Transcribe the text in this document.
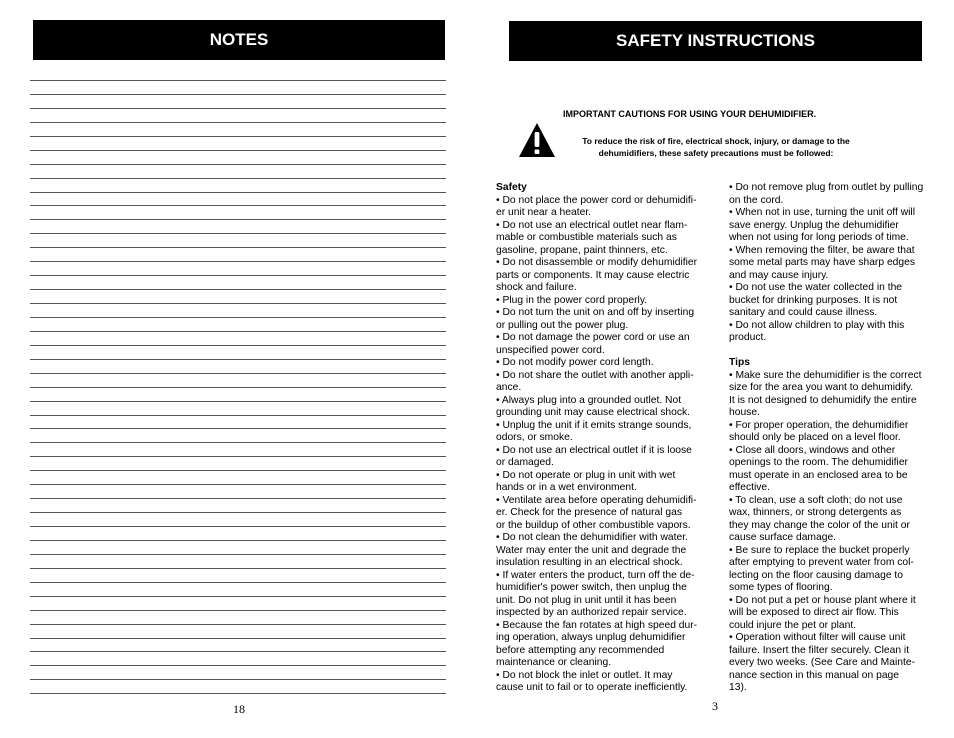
NOTES
18
SAFETY INSTRUCTIONS
IMPORTANT CAUTIONS FOR USING YOUR DEHUMIDIFIER.
To reduce the risk of fire, electrical shock, injury, or damage to the
dehumidifiers, these safety precautions must be followed:
Safety
• Do not place the power cord or dehumidifi-
er unit near a heater.
• Do not use an electrical outlet near flam-
mable or combustible materials such as
gasoline, propane, paint thinners, etc.
• Do not disassemble or modify dehumidifier
parts or components. It may cause electric
shock and failure.
• Plug in the power cord properly.
• Do not turn the unit on and off by inserting
or pulling out the power plug.
• Do not damage the power cord or use an
unspecified power cord.
• Do not modify power cord length.
• Do not share the outlet with another appli-
ance.
• Always plug into a grounded outlet. Not
grounding unit may cause electrical shock.
• Unplug the unit if it emits strange sounds,
odors, or smoke.
• Do not use an electrical outlet if it is loose
or damaged.
• Do not operate or plug in unit with wet
hands or in a wet environment.
• Ventilate area before operating dehumidifi-
er. Check for the presence of natural gas
or the buildup of other combustible vapors.
• Do not clean the dehumidifier with water.
Water may enter the unit and degrade the
insulation resulting in an electrical shock.
• If water enters the product, turn off the de-
humidifier's power switch, then unplug the
unit. Do not plug in unit until it has been
inspected by an authorized repair service.
• Because the fan rotates at high speed dur-
ing operation, always unplug dehumidifier
before attempting any recommended
maintenance or cleaning.
• Do not block the inlet or outlet. It may
cause unit to fail or to operate inefficiently.
• Do not remove plug from outlet by pulling
on the cord.
• When not in use, turning the unit off will
save energy. Unplug the dehumidifier
when not using for long periods of time.
• When removing the filter, be aware that
some metal parts may have sharp edges
and may cause injury.
• Do not use the water collected in the
bucket for drinking purposes. It is not
sanitary and could cause illness.
• Do not allow children to play with this
product.
Tips
• Make sure the dehumidifier is the correct
size for the area you want to dehumidify.
It is not designed to dehumidify the entire
house.
• For proper operation, the dehumidifier
should only be placed on a level floor.
• Close all doors, windows and other
openings to the room. The dehumidifier
must operate in an enclosed area to be
effective.
• To clean, use a soft cloth; do not use
wax, thinners, or strong detergents as
they may change the color of the unit or
cause surface damage.
• Be sure to replace the bucket properly
after emptying to prevent water from col-
lecting on the floor causing damage to
some types of flooring.
• Do not put a pet or house plant where it
will be exposed to direct air flow. This
could injure the pet or plant.
• Operation without filter will cause unit
failure. Insert the filter securely. Clean it
every two weeks. (See Care and Mainte-
nance section in this manual on page
13).
3
